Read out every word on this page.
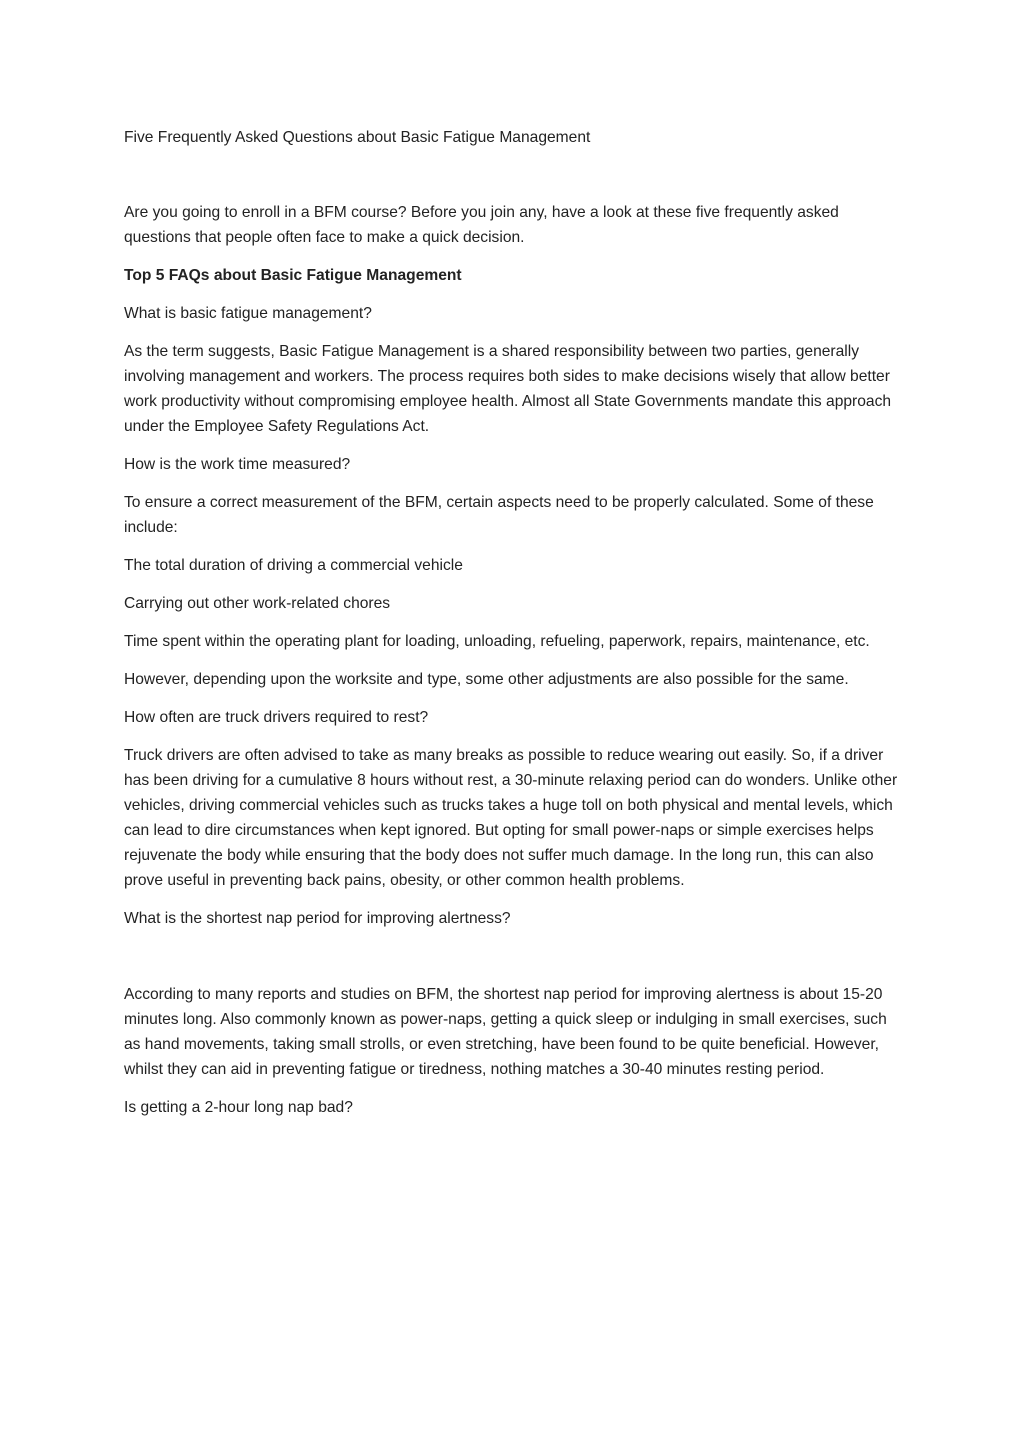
Five Frequently Asked Questions about Basic Fatigue Management

Are you going to enroll in a BFM course? Before you join any, have a look at these five frequently asked questions that people often face to make a quick decision.

Top 5 FAQs about Basic Fatigue Management

What is basic fatigue management?

As the term suggests, Basic Fatigue Management is a shared responsibility between two parties, generally involving management and workers. The process requires both sides to make decisions wisely that allow better work productivity without compromising employee health. Almost all State Governments mandate this approach under the Employee Safety Regulations Act.

How is the work time measured?

To ensure a correct measurement of the BFM, certain aspects need to be properly calculated. Some of these include:

The total duration of driving a commercial vehicle

Carrying out other work-related chores

Time spent within the operating plant for loading, unloading, refueling, paperwork, repairs, maintenance, etc.

However, depending upon the worksite and type, some other adjustments are also possible for the same.

How often are truck drivers required to rest?

Truck drivers are often advised to take as many breaks as possible to reduce wearing out easily. So, if a driver has been driving for a cumulative 8 hours without rest, a 30-minute relaxing period can do wonders. Unlike other vehicles, driving commercial vehicles such as trucks takes a huge toll on both physical and mental levels, which can lead to dire circumstances when kept ignored. But opting for small power-naps or simple exercises helps rejuvenate the body while ensuring that the body does not suffer much damage. In the long run, this can also prove useful in preventing back pains, obesity, or other common health problems.

What is the shortest nap period for improving alertness?

According to many reports and studies on BFM, the shortest nap period for improving alertness is about 15-20 minutes long. Also commonly known as power-naps, getting a quick sleep or indulging in small exercises, such as hand movements, taking small strolls, or even stretching, have been found to be quite beneficial. However, whilst they can aid in preventing fatigue or tiredness, nothing matches a 30-40 minutes resting period.

Is getting a 2-hour long nap bad?
